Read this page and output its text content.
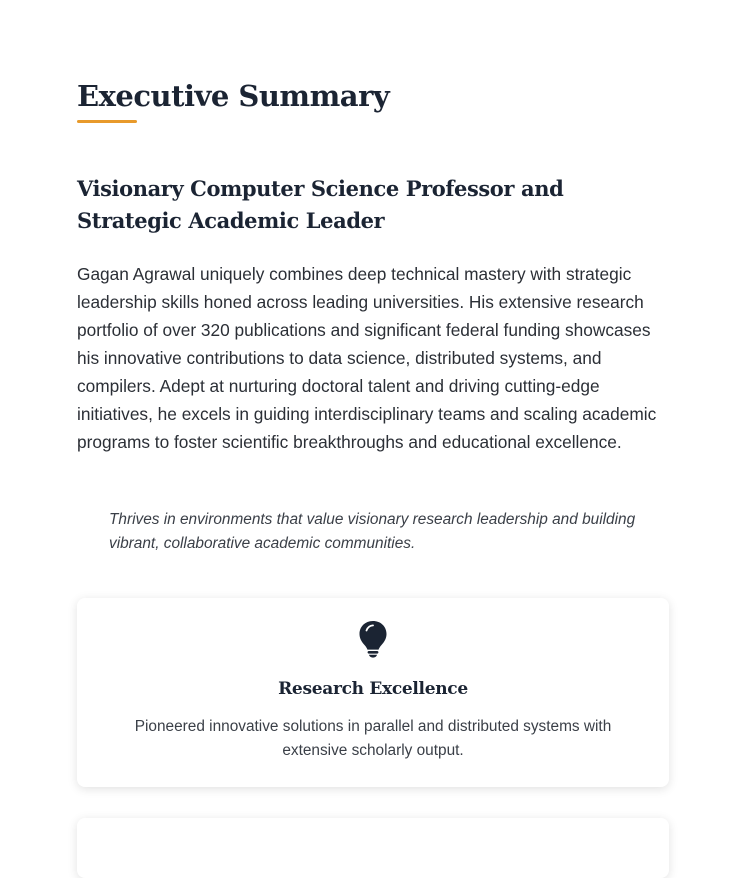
Executive Summary
Visionary Computer Science Professor and Strategic Academic Leader

Gagan Agrawal uniquely combines deep technical mastery with strategic leadership skills honed across leading universities. His extensive research portfolio of over 320 publications and significant federal funding showcases his innovative contributions to data science, distributed systems, and compilers. Adept at nurturing doctoral talent and driving cutting-edge initiatives, he excels in guiding interdisciplinary teams and scaling academic programs to foster scientific breakthroughs and educational excellence.

Thrives in environments that value visionary research leadership and building vibrant, collaborative academic communities.

Research Excellence

Pioneered innovative solutions in parallel and distributed systems with extensive scholarly output.
